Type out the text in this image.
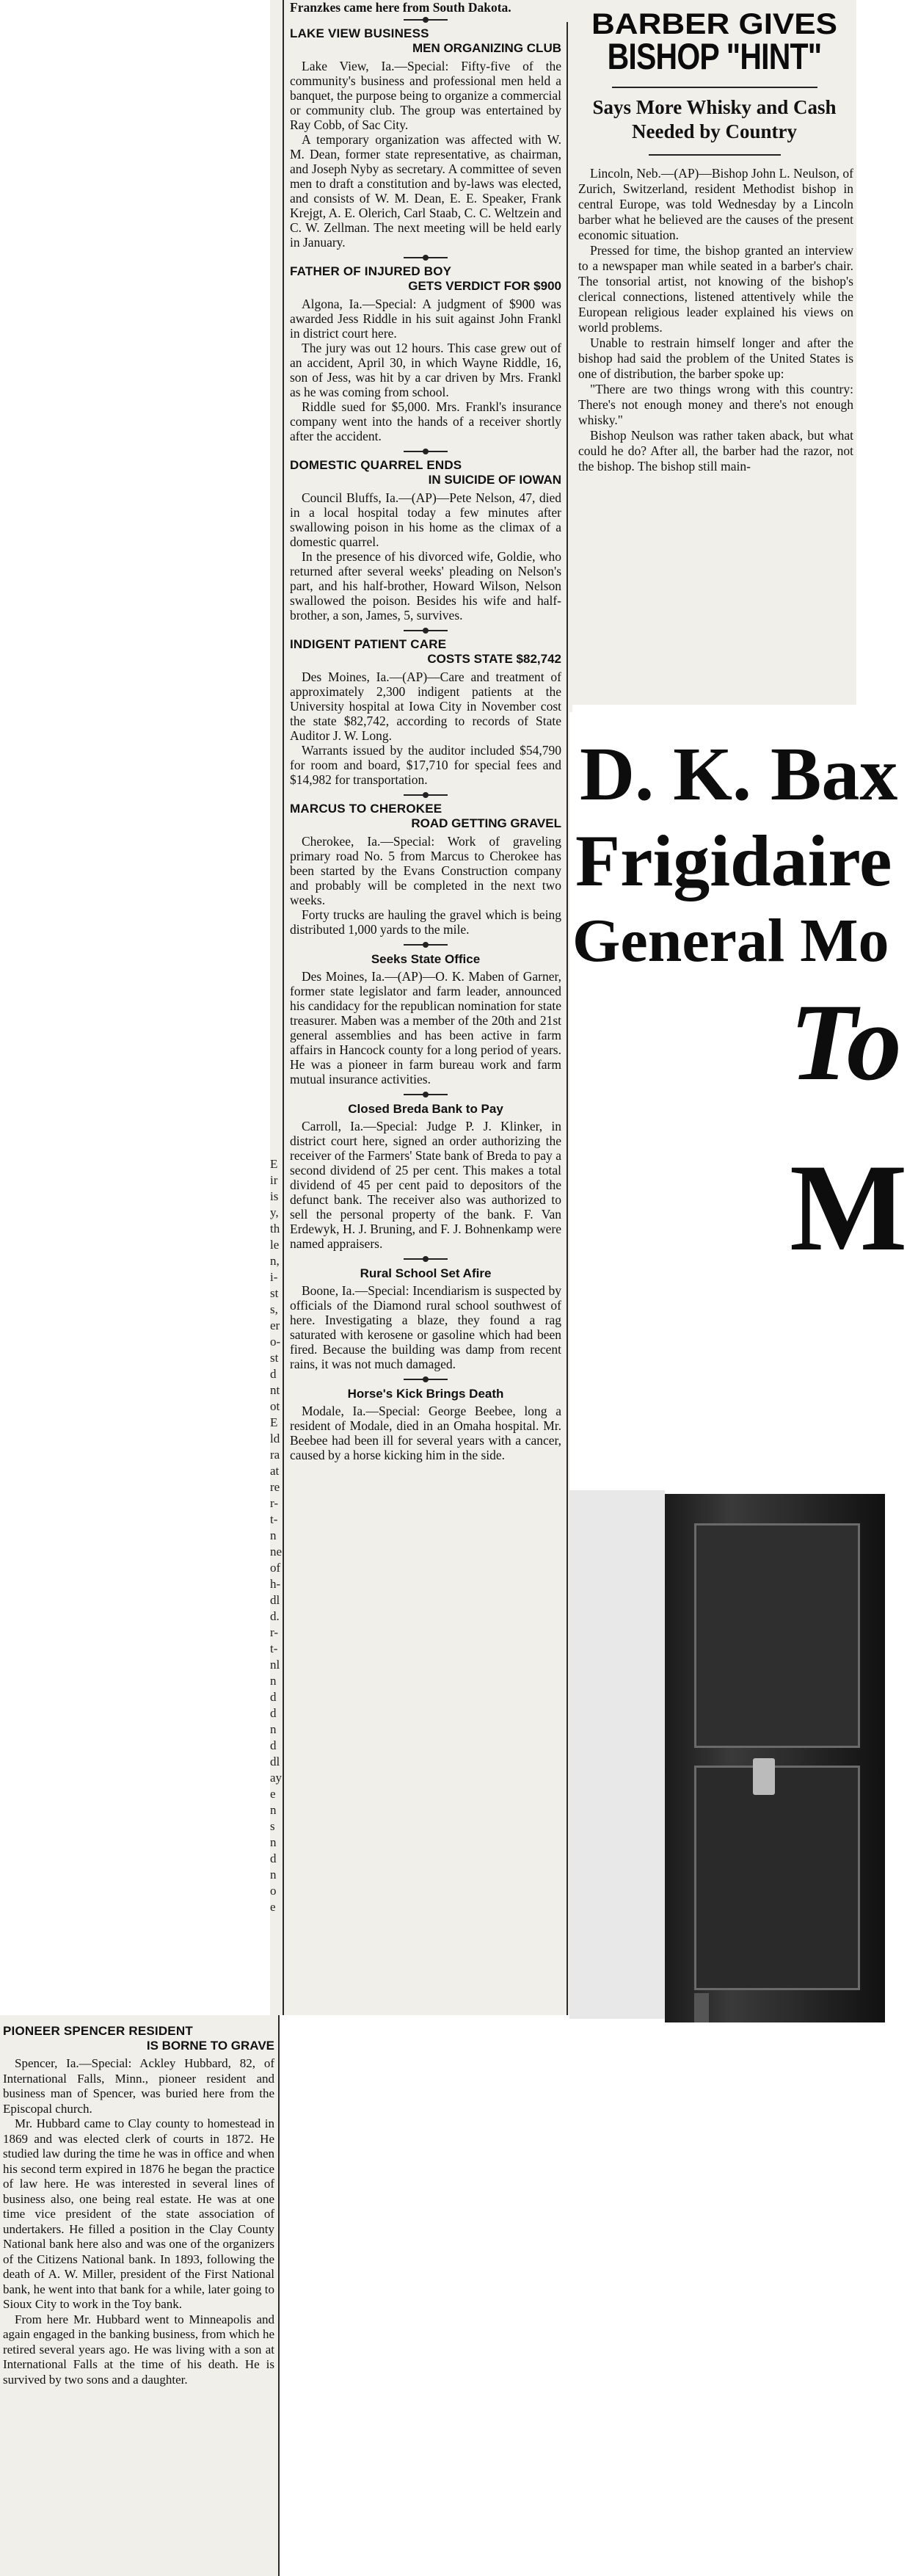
E
ir
is
y,
th
le
n,
i-
st
s,
er
o-
st
d
nt
ot
E
ld
ra
at
re
r-
t-
n
ne
of
h-
dl
d.
r-
t-
nl
n
d
d
n
d
dl
ay
e
n
s
n
d
n
o
e

Franzkes came here from South Dakota.

LAKE VIEW BUSINESS
MEN ORGANIZING CLUB

Lake View, Ia.—Special: Fifty-five of the community's business and professional men held a banquet, the purpose being to organize a commercial or community club. The group was entertained by Ray Cobb, of Sac City.

A temporary organization was affected with W. M. Dean, former state representative, as chairman, and Joseph Nyby as secretary. A committee of seven men to draft a constitution and by-laws was elected, and consists of W. M. Dean, E. E. Speaker, Frank Krejgt, A. E. Olerich, Carl Staab, C. C. Weltzein and C. W. Zellman. The next meeting will be held early in January.

FATHER OF INJURED BOY
GETS VERDICT FOR $900

Algona, Ia.—Special: A judgment of $900 was awarded Jess Riddle in his suit against John Frankl in district court here.

The jury was out 12 hours. This case grew out of an accident, April 30, in which Wayne Riddle, 16, son of Jess, was hit by a car driven by Mrs. Frankl as he was coming from school.

Riddle sued for $5,000. Mrs. Frankl's insurance company went into the hands of a receiver shortly after the accident.

DOMESTIC QUARREL ENDS
IN SUICIDE OF IOWAN

Council Bluffs, Ia.—(AP)—Pete Nelson, 47, died in a local hospital today a few minutes after swallowing poison in his home as the climax of a domestic quarrel.

In the presence of his divorced wife, Goldie, who returned after several weeks' pleading on Nelson's part, and his half-brother, Howard Wilson, Nelson swallowed the poison. Besides his wife and half-brother, a son, James, 5, survives.

INDIGENT PATIENT CARE
COSTS STATE $82,742

Des Moines, Ia.—(AP)—Care and treatment of approximately 2,300 indigent patients at the University hospital at Iowa City in November cost the state $82,742, according to records of State Auditor J. W. Long.

Warrants issued by the auditor included $54,790 for room and board, $17,710 for special fees and $14,982 for transportation.

MARCUS TO CHEROKEE
ROAD GETTING GRAVEL

Cherokee, Ia.—Special: Work of graveling primary road No. 5 from Marcus to Cherokee has been started by the Evans Construction company and probably will be completed in the next two weeks.

Forty trucks are hauling the gravel which is being distributed 1,000 yards to the mile.

Seeks State Office

Des Moines, Ia.—(AP)—O. K. Maben of Garner, former state legislator and farm leader, announced his candidacy for the republican nomination for state treasurer. Maben was a member of the 20th and 21st general assemblies and has been active in farm affairs in Hancock county for a long period of years. He was a pioneer in farm bureau work and farm mutual insurance activities.

Closed Breda Bank to Pay

Carroll, Ia.—Special: Judge P. J. Klinker, in district court here, signed an order authorizing the receiver of the Farmers' State bank of Breda to pay a second dividend of 25 per cent. This makes a total dividend of 45 per cent paid to depositors of the defunct bank. The receiver also was authorized to sell the personal property of the bank. F. Van Erdewyk, H. J. Bruning, and F. J. Bohnenkamp were named appraisers.

Rural School Set Afire

Boone, Ia.—Special: Incendiarism is suspected by officials of the Diamond rural school southwest of here. Investigating a blaze, they found a rag saturated with kerosene or gasoline which had been fired. Because the building was damp from recent rains, it was not much damaged.

Horse's Kick Brings Death

Modale, Ia.—Special: George Beebee, long a resident of Modale, died in an Omaha hospital. Mr. Beebee had been ill for several years with a cancer, caused by a horse kicking him in the side.

BARBER GIVES
BISHOP "HINT"
Says More Whisky and Cash Needed by Country

Lincoln, Neb.—(AP)—Bishop John L. Neulson, of Zurich, Switzerland, resident Methodist bishop in central Europe, was told Wednesday by a Lincoln barber what he believed are the causes of the present economic situation.

Pressed for time, the bishop granted an interview to a newspaper man while seated in a barber's chair. The tonsorial artist, not knowing of the bishop's clerical connections, listened attentively while the European religious leader explained his views on world problems.

Unable to restrain himself longer and after the bishop had said the problem of the United States is one of distribution, the barber spoke up:

"There are two things wrong with this country: There's not enough money and there's not enough whisky."

Bishop Neulson was rather taken aback, but what could he do? After all, the barber had the razor, not the bishop. The bishop still main-

D. K. Bax
Frigidaire
General Mo
To
M
PIONEER SPENCER RESIDENT
IS BORNE TO GRAVE

Spencer, Ia.—Special: Ackley Hubbard, 82, of International Falls, Minn., pioneer resident and business man of Spencer, was buried here from the Episcopal church.

Mr. Hubbard came to Clay county to homestead in 1869 and was elected clerk of courts in 1872. He studied law during the time he was in office and when his second term expired in 1876 he began the practice of law here. He was interested in several lines of business also, one being real estate. He was at one time vice president of the state association of undertakers. He filled a position in the Clay County National bank here also and was one of the organizers of the Citizens National bank. In 1893, following the death of A. W. Miller, president of the First National bank, he went into that bank for a while, later going to Sioux City to work in the Toy bank.

From here Mr. Hubbard went to Minneapolis and again engaged in the banking business, from which he retired several years ago. He was living with a son at International Falls at the time of his death. He is survived by two sons and a daughter.
